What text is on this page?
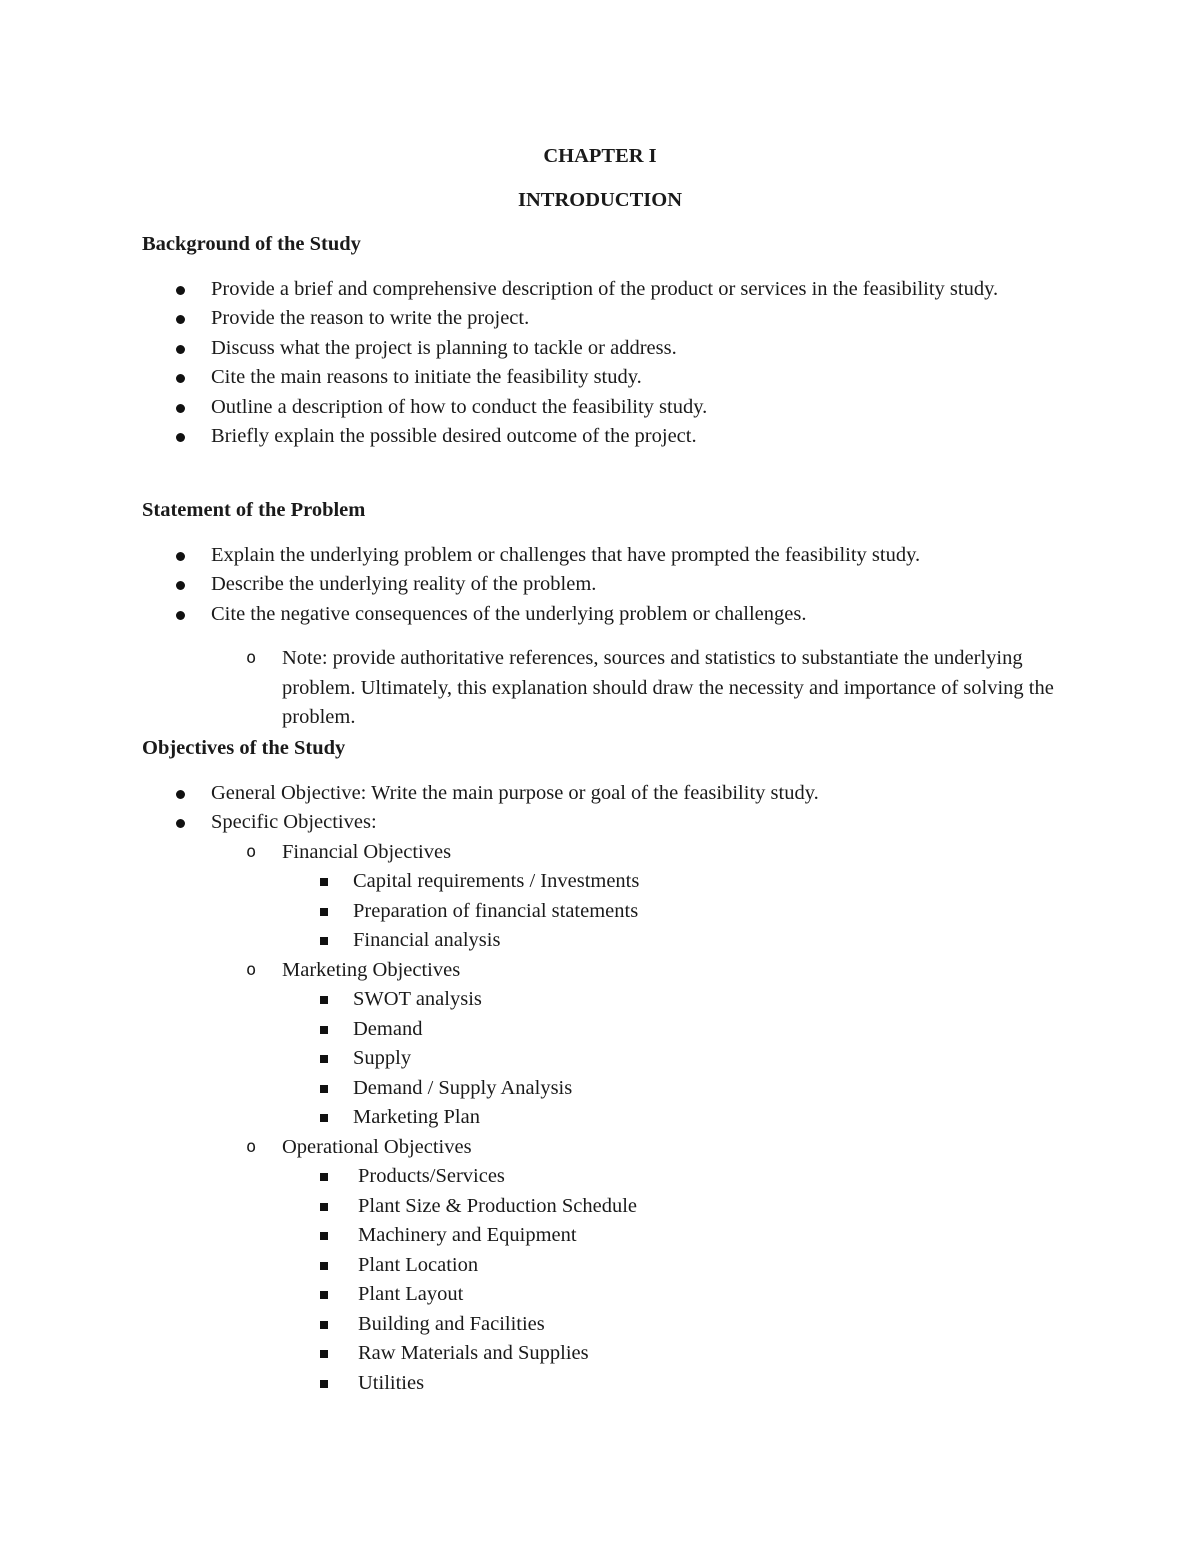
CHAPTER I
INTRODUCTION
Background of the Study
Provide a brief and comprehensive description of the product or services in the feasibility study.
Provide the reason to write the project.
Discuss what the project is planning to tackle or address.
Cite the main reasons to initiate the feasibility study.
Outline a description of how to conduct the feasibility study.
Briefly explain the possible desired outcome of the project.
Statement of the Problem
Explain the underlying problem or challenges that have prompted the feasibility study.
Describe the underlying reality of the problem.
Cite the negative consequences of the underlying problem or challenges.
o Note: provide authoritative references, sources and statistics to substantiate the underlying problem. Ultimately, this explanation should draw the necessity and importance of solving the problem.
Objectives of the Study
General Objective: Write the main purpose or goal of the feasibility study.
Specific Objectives:
o Financial Objectives
Capital requirements / Investments
Preparation of financial statements
Financial analysis
o Marketing Objectives
SWOT analysis
Demand
Supply
Demand / Supply Analysis
Marketing Plan
o Operational Objectives
Products/Services
Plant Size & Production Schedule
Machinery and Equipment
Plant Location
Plant Layout
Building and Facilities
Raw Materials and Supplies
Utilities
